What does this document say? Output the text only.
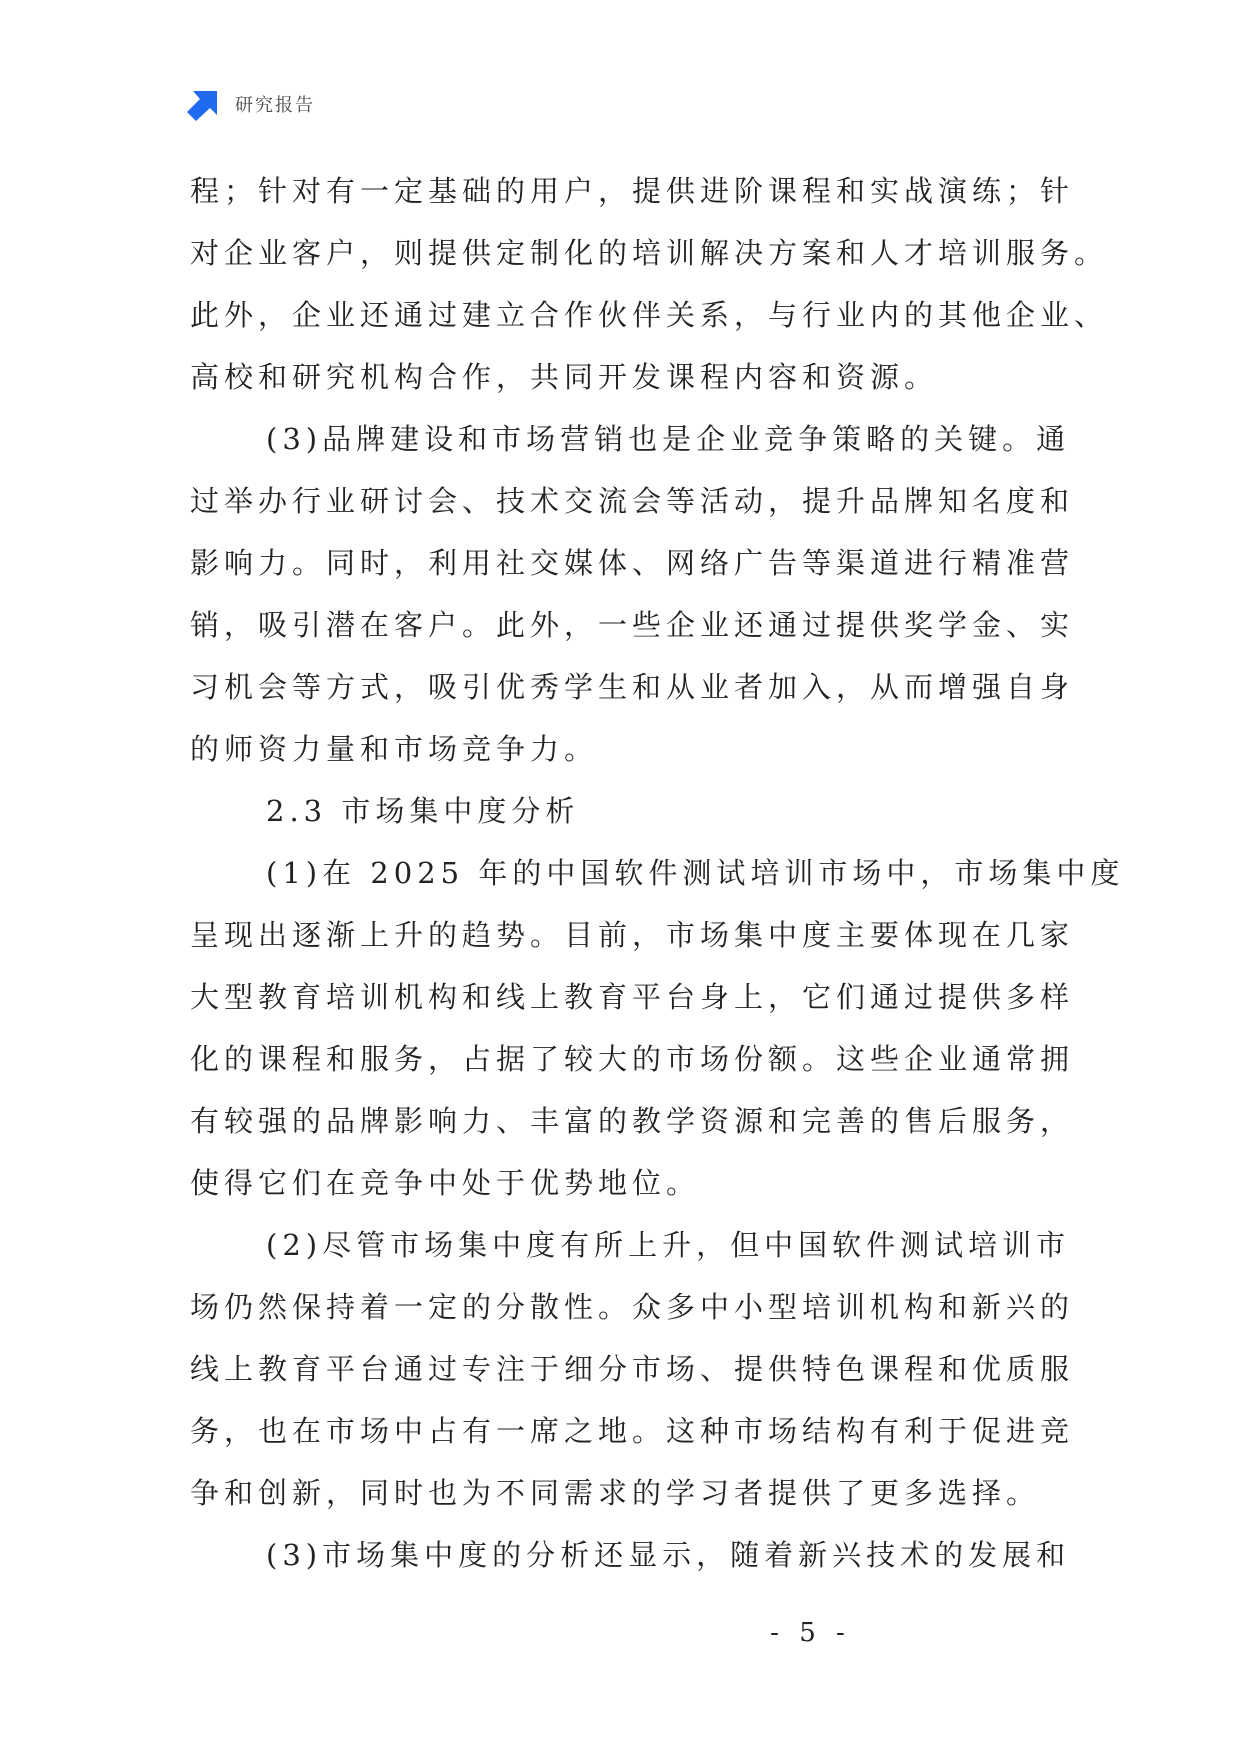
研究报告
程；针对有一定基础的用户，提供进阶课程和实战演练；针
对企业客户，则提供定制化的培训解决方案和人才培训服务。
此外，企业还通过建立合作伙伴关系，与行业内的其他企业、
高校和研究机构合作，共同开发课程内容和资源。
(3)品牌建设和市场营销也是企业竞争策略的关键。通
过举办行业研讨会、技术交流会等活动，提升品牌知名度和
影响力。同时，利用社交媒体、网络广告等渠道进行精准营
销，吸引潜在客户。此外，一些企业还通过提供奖学金、实
习机会等方式，吸引优秀学生和从业者加入，从而增强自身
的师资力量和市场竞争力。
2.3 市场集中度分析
(1)在 2025 年的中国软件测试培训市场中，市场集中度
呈现出逐渐上升的趋势。目前，市场集中度主要体现在几家
大型教育培训机构和线上教育平台身上，它们通过提供多样
化的课程和服务，占据了较大的市场份额。这些企业通常拥
有较强的品牌影响力、丰富的教学资源和完善的售后服务，
使得它们在竞争中处于优势地位。
(2)尽管市场集中度有所上升，但中国软件测试培训市
场仍然保持着一定的分散性。众多中小型培训机构和新兴的
线上教育平台通过专注于细分市场、提供特色课程和优质服
务，也在市场中占有一席之地。这种市场结构有利于促进竞
争和创新，同时也为不同需求的学习者提供了更多选择。
(3)市场集中度的分析还显示，随着新兴技术的发展和
- 5 -
